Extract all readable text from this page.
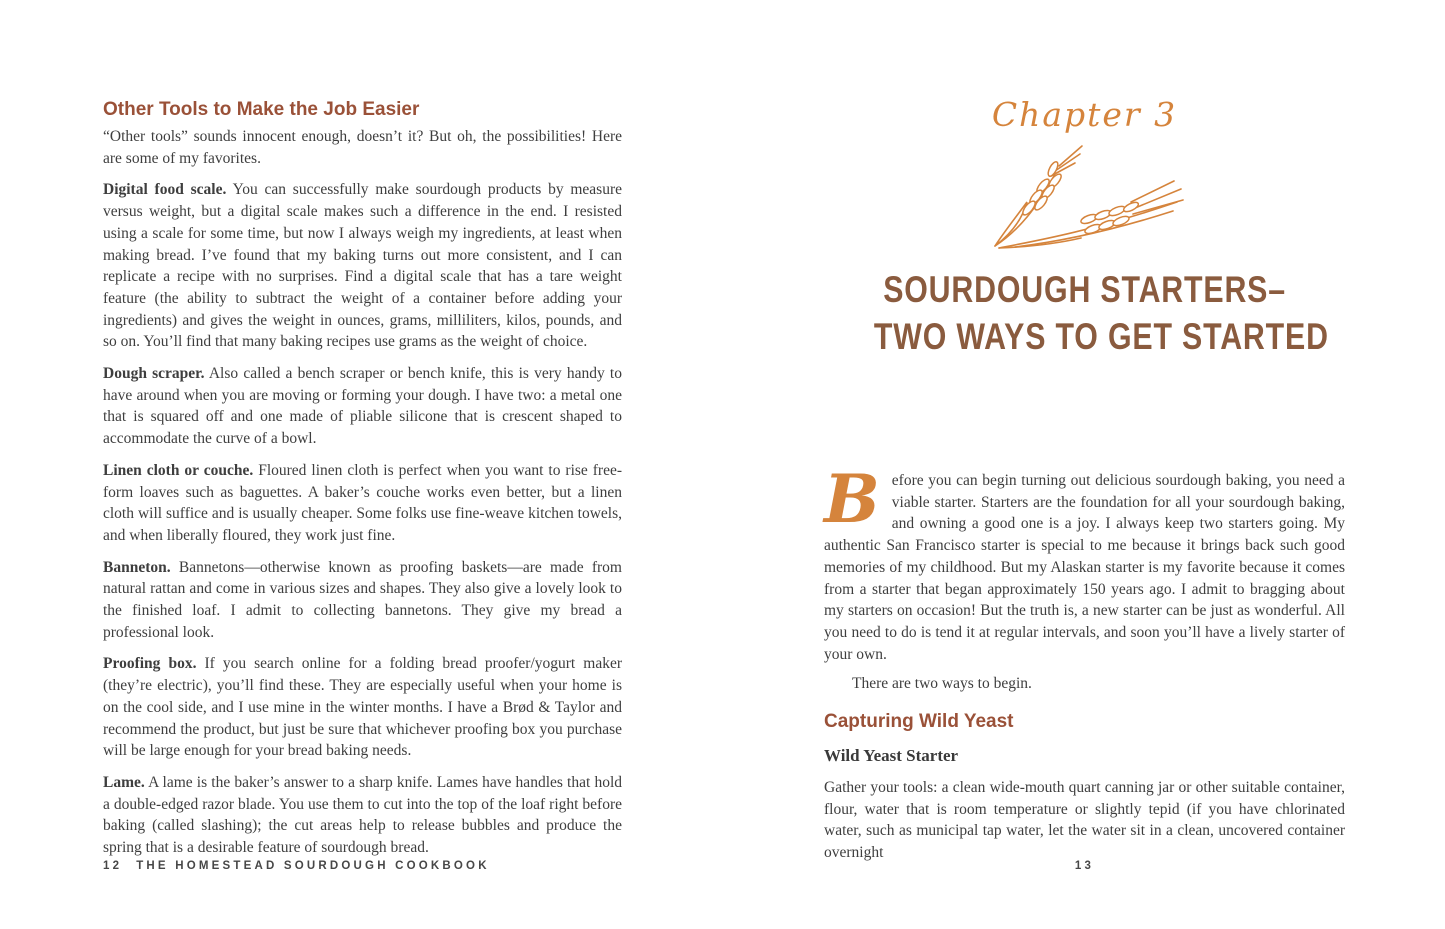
Other Tools to Make the Job Easier

“Other tools” sounds innocent enough, doesn’t it? But oh, the possibilities! Here are some of my favorites.

Digital food scale. You can successfully make sourdough products by measure versus weight, but a digital scale makes such a difference in the end. I resisted using a scale for some time, but now I always weigh my ingredients, at least when making bread. I’ve found that my baking turns out more consistent, and I can replicate a recipe with no surprises. Find a digital scale that has a tare weight feature (the ability to subtract the weight of a container before adding your ingredients) and gives the weight in ounces, grams, milliliters, kilos, pounds, and so on. You’ll find that many baking recipes use grams as the weight of choice.

Dough scraper. Also called a bench scraper or bench knife, this is very handy to have around when you are moving or forming your dough. I have two: a metal one that is squared off and one made of pliable silicone that is crescent shaped to accommodate the curve of a bowl.

Linen cloth or couche. Floured linen cloth is perfect when you want to rise free-form loaves such as baguettes. A baker’s couche works even better, but a linen cloth will suffice and is usually cheaper. Some folks use fine-weave kitchen towels, and when liberally floured, they work just fine.

Banneton. Bannetons—otherwise known as proofing baskets—are made from natural rattan and come in various sizes and shapes. They also give a lovely look to the finished loaf. I admit to collecting bannetons. They give my bread a professional look.

Proofing box. If you search online for a folding bread proofer/yogurt maker (they’re electric), you’ll find these. They are especially useful when your home is on the cool side, and I use mine in the winter months. I have a Brød & Taylor and recommend the product, but just be sure that whichever proofing box you purchase will be large enough for your bread baking needs.

Lame. A lame is the baker’s answer to a sharp knife. Lames have handles that hold a double-edged razor blade. You use them to cut into the top of the loaf right before baking (called slashing); the cut areas help to release bubbles and produce the spring that is a desirable feature of sourdough bread.

12 THE HOMESTEAD SOURDOUGH COOKBOOK
Chapter 3
SOURDOUGH STARTERS–
TWO WAYS TO GET STARTED

B efore you can begin turning out delicious sourdough baking, you need a viable starter. Starters are the foundation for all your sourdough baking, and owning a good one is a joy. I always keep two starters going. My authentic San Francisco starter is special to me because it brings back such good memories of my childhood. But my Alaskan starter is my favorite because it comes from a starter that began approximately 150 years ago. I admit to bragging about my starters on occasion! But the truth is, a new starter can be just as wonderful. All you need to do is tend it at regular intervals, and soon you’ll have a lively starter of your own.

There are two ways to begin.

Capturing Wild Yeast
Wild Yeast Starter

Gather your tools: a clean wide-mouth quart canning jar or other suitable container, flour, water that is room temperature or slightly tepid (if you have chlorinated water, such as municipal tap water, let the water sit in a clean, uncovered container overnight

13
